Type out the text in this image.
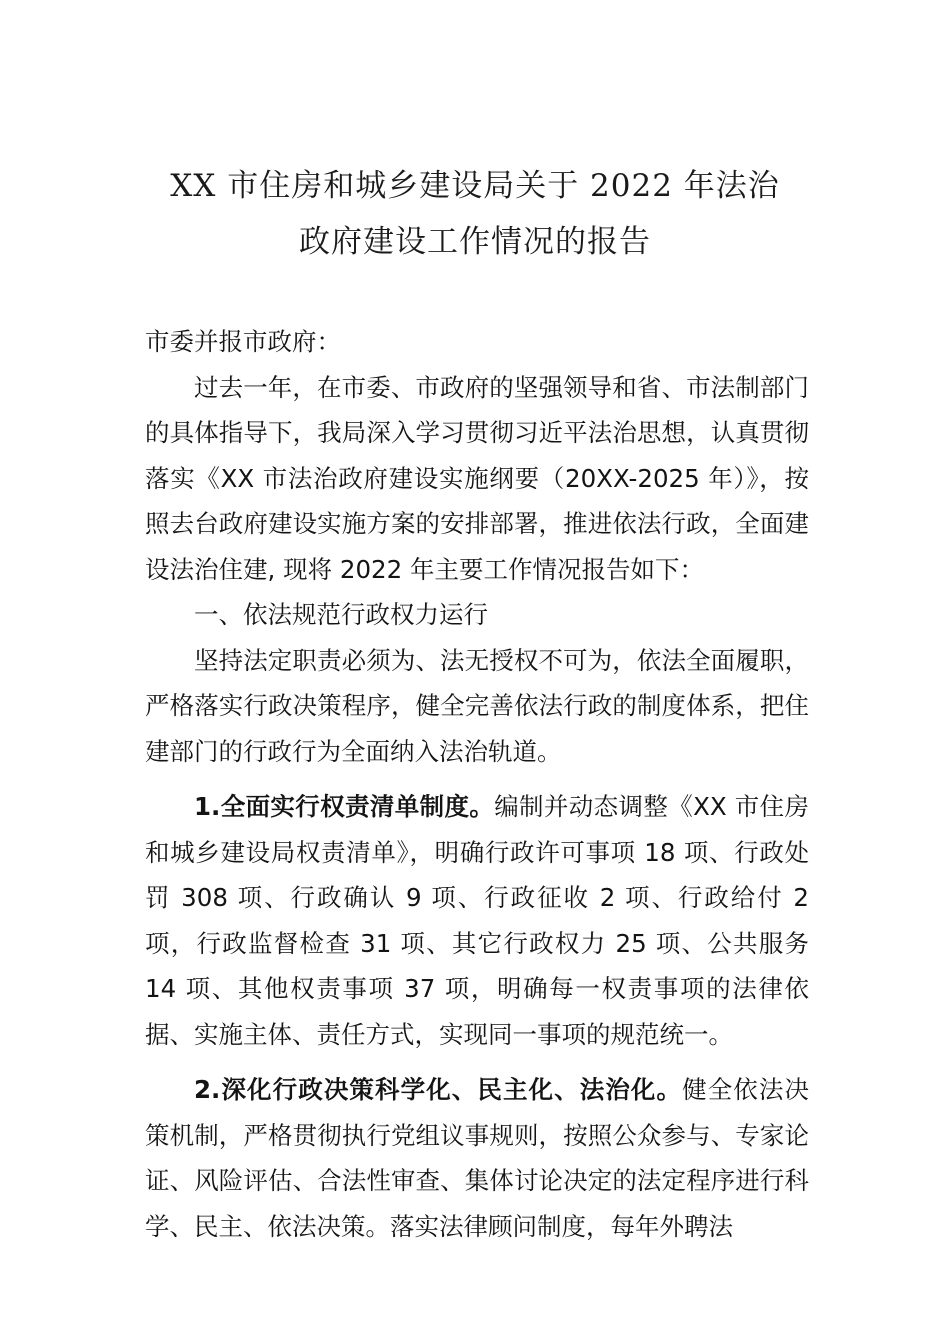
XX 市住房和城乡建设局关于 2022 年法治
政府建设工作情况的报告

市委并报市政府：

过去一年，在市委、市政府的坚强领导和省、市法制部门的具体指导下，我局深入学习贯彻习近平法治思想，认真贯彻落实《XX 市法治政府建设实施纲要（20XX-2025 年）》，按照去台政府建设实施方案的安排部署，推进依法行政，全面建设法治住建, 现将 2022 年主要工作情况报告如下：

一、依法规范行政权力运行

坚持法定职责必须为、法无授权不可为，依法全面履职，严格落实行政决策程序，健全完善依法行政的制度体系，把住建部门的行政行为全面纳入法治轨道。

1.全面实行权责清单制度。编制并动态调整《XX 市住房和城乡建设局权责清单》，明确行政许可事项 18 项、行政处罚 308 项、行政确认 9 项、行政征收 2 项、行政给付 2 项，行政监督检查 31 项、其它行政权力 25 项、公共服务 14 项、其他权责事项 37 项，明确每一权责事项的法律依据、实施主体、责任方式，实现同一事项的规范统一。

2.深化行政决策科学化、民主化、法治化。健全依法决 策机制，严格贯彻执行党组议事规则，按照公众参与、专家论证、风险评估、合法性审查、集体讨论决定的法定程序进行科学、民主、依法决策。落实法律顾问制度，每年外聘法
